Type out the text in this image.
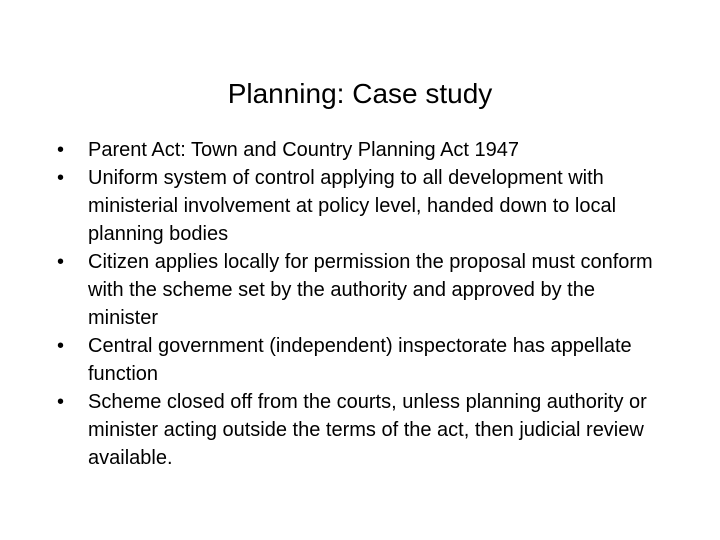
Planning: Case study
•	Parent Act: Town and Country Planning Act 1947
•	Uniform system of control applying to all development with ministerial involvement at policy level, handed down to local planning bodies
•	Citizen applies locally for permission the proposal must conform with the scheme set by the authority and approved by the minister
•	Central government (independent) inspectorate has appellate function
•	Scheme closed off from the courts, unless planning authority or minister acting outside the terms of the act, then judicial review available.
